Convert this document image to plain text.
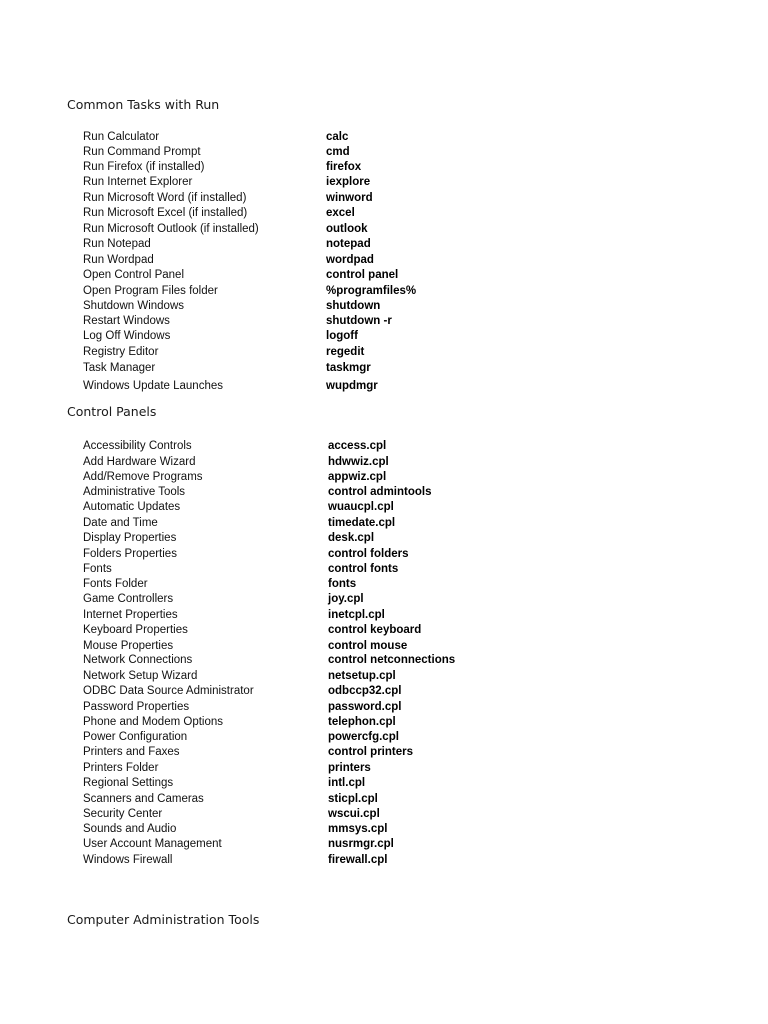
Common Tasks with Run
Run Calculator	calc
Run Command Prompt	cmd
Run Firefox (if installed)	firefox
Run Internet Explorer	iexplore
Run Microsoft Word (if installed)	winword
Run Microsoft Excel (if installed)	excel
Run Microsoft Outlook (if installed)	outlook
Run Notepad	notepad
Run Wordpad	wordpad
Open Control Panel	control panel
Open Program Files folder	%programfiles%
Shutdown Windows	shutdown
Restart Windows	shutdown -r
Log Off Windows	logoff
Registry Editor	regedit
Task Manager	taskmgr
Windows Update Launches	wupdmgr
Control Panels
Accessibility Controls	access.cpl
Add Hardware Wizard	hdwwiz.cpl
Add/Remove Programs	appwiz.cpl
Administrative Tools	control admintools
Automatic Updates	wuaucpl.cpl
Date and Time	timedate.cpl
Display Properties	desk.cpl
Folders Properties	control folders
Fonts	control fonts
Fonts Folder	fonts
Game Controllers	joy.cpl
Internet Properties	inetcpl.cpl
Keyboard Properties	control keyboard
Mouse Properties	control mouse
Network Connections	control netconnections
Network Setup Wizard	netsetup.cpl
ODBC Data Source Administrator	odbccp32.cpl
Password Properties	password.cpl
Phone and Modem Options	telephon.cpl
Power Configuration	powercfg.cpl
Printers and Faxes	control printers
Printers Folder	printers
Regional Settings	intl.cpl
Scanners and Cameras	sticpl.cpl
Security Center	wscui.cpl
Sounds and Audio	mmsys.cpl
User Account Management	nusrmgr.cpl
Windows Firewall	firewall.cpl
Computer Administration Tools
